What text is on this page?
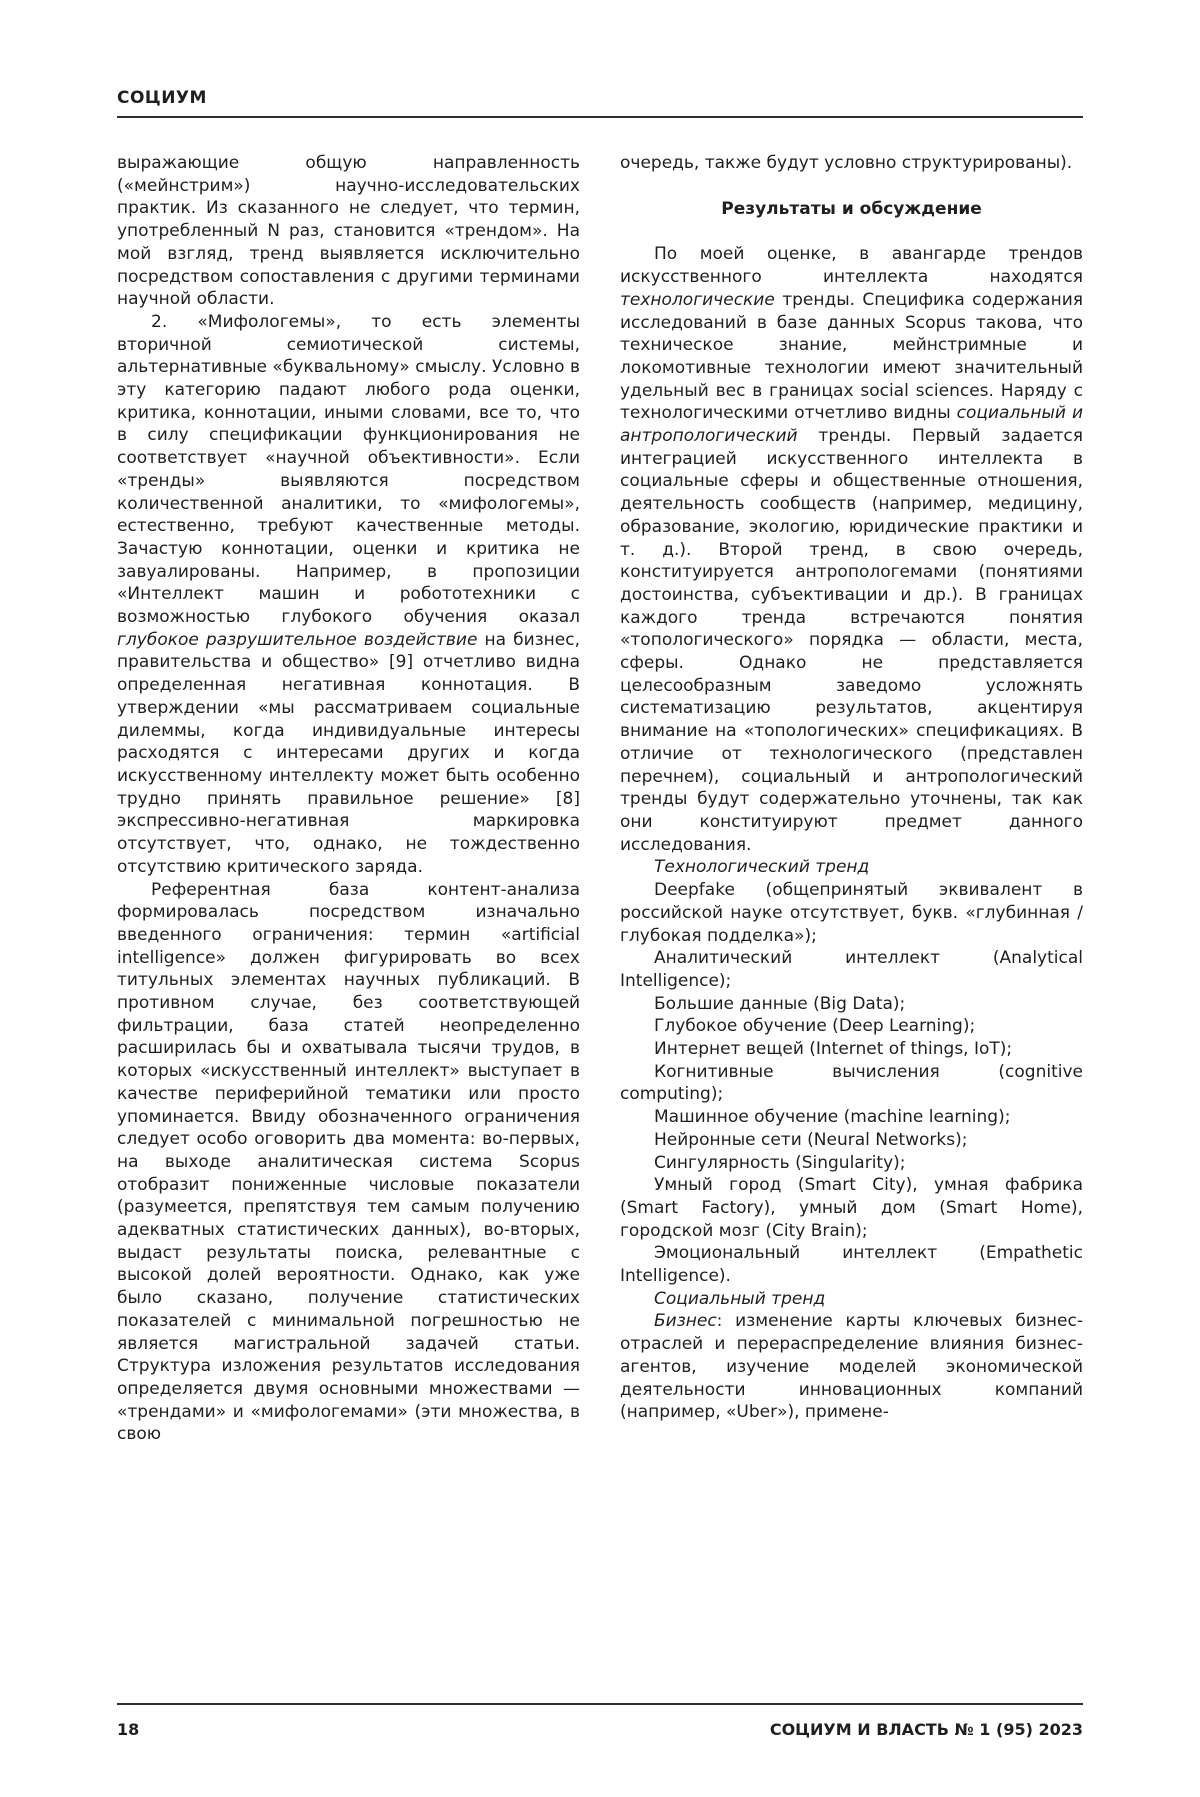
СОЦИУМ

выражающие общую направленность («мейнстрим») научно-исследовательских практик. Из сказанного не следует, что термин, употребленный N раз, становится «трендом». На мой взгляд, тренд выявляется исключительно посредством сопоставления с другими терминами научной области.

2. «Мифологемы», то есть элементы вторичной семиотической системы, альтернативные «буквальному» смыслу. Условно в эту категорию падают любого рода оценки, критика, коннотации, иными словами, все то, что в силу спецификации функционирования не соответствует «научной объективности». Если «тренды» выявляются посредством количественной аналитики, то «мифологемы», естественно, требуют качественные методы. Зачастую коннотации, оценки и критика не завуалированы. Например, в пропозиции «Интеллект машин и робототехники с возможностью глубокого обучения оказал глубокое разрушительное воздействие на бизнес, правительства и общество» [9] отчетливо видна определенная негативная коннотация. В утверждении «мы рассматриваем социальные дилеммы, когда индивидуальные интересы расходятся с интересами других и когда искусственному интеллекту может быть особенно трудно принять правильное решение» [8] экспрессивно-негативная маркировка отсутствует, что, однако, не тождественно отсутствию критического заряда.

Референтная база контент-анализа формировалась посредством изначально введенного ограничения: термин «artificial intelligence» должен фигурировать во всех титульных элементах научных публикаций. В противном случае, без соответствующей фильтрации, база статей неопределенно расширилась бы и охватывала тысячи трудов, в которых «искусственный интеллект» выступает в качестве периферийной тематики или просто упоминается. Ввиду обозначенного ограничения следует особо оговорить два момента: во-первых, на выходе аналитическая система Scopus отобразит пониженные числовые показатели (разумеется, препятствуя тем самым получению адекватных статистических данных), во-вторых, выдаст результаты поиска, релевантные с высокой долей вероятности. Однако, как уже было сказано, получение статистических показателей с минимальной погрешностью не является магистральной задачей статьи. Структура изложения результатов исследования определяется двумя основными множествами — «трендами» и «мифологемами» (эти множества, в свою

очередь, также будут условно структурированы).

Результаты и обсуждение

По моей оценке, в авангарде трендов искусственного интеллекта находятся технологические тренды. Специфика содержания исследований в базе данных Scopus такова, что техническое знание, мейнстримные и локомотивные технологии имеют значительный удельный вес в границах social sciences. Наряду с технологическими отчетливо видны социальный и антропологический тренды. Первый задается интеграцией искусственного интеллекта в социальные сферы и общественные отношения, деятельность сообществ (например, медицину, образование, экологию, юридические практики и т. д.). Второй тренд, в свою очередь, конституируется антропологемами (понятиями достоинства, субъективации и др.). В границах каждого тренда встречаются понятия «топологического» порядка — области, места, сферы. Однако не представляется целесообразным заведомо усложнять систематизацию результатов, акцентируя внимание на «топологических» спецификациях. В отличие от технологического (представлен перечнем), социальный и антропологический тренды будут содержательно уточнены, так как они конституируют предмет данного исследования.

Технологический тренд

Deepfake (общепринятый эквивалент в российской науке отсутствует, букв. «глубинная / глубокая подделка»);

Аналитический интеллект (Analytical Intelligence);

Большие данные (Big Data);

Глубокое обучение (Deep Learning);

Интернет вещей (Internet of things, IoT);

Когнитивные вычисления (cognitive computing);

Машинное обучение (machine learning);

Нейронные сети (Neural Networks);

Сингулярность (Singularity);

Умный город (Smart City), умная фабрика (Smart Factory), умный дом (Smart Home), городской мозг (City Brain);

Эмоциональный интеллект (Empathetic Intelligence).

Социальный тренд

Бизнес: изменение карты ключевых бизнес-отраслей и перераспределение влияния бизнес-агентов, изучение моделей экономической деятельности инновационных компаний (например, «Uber»), примене-

18	СОЦИУМ И ВЛАСТЬ № 1 (95) 2023
